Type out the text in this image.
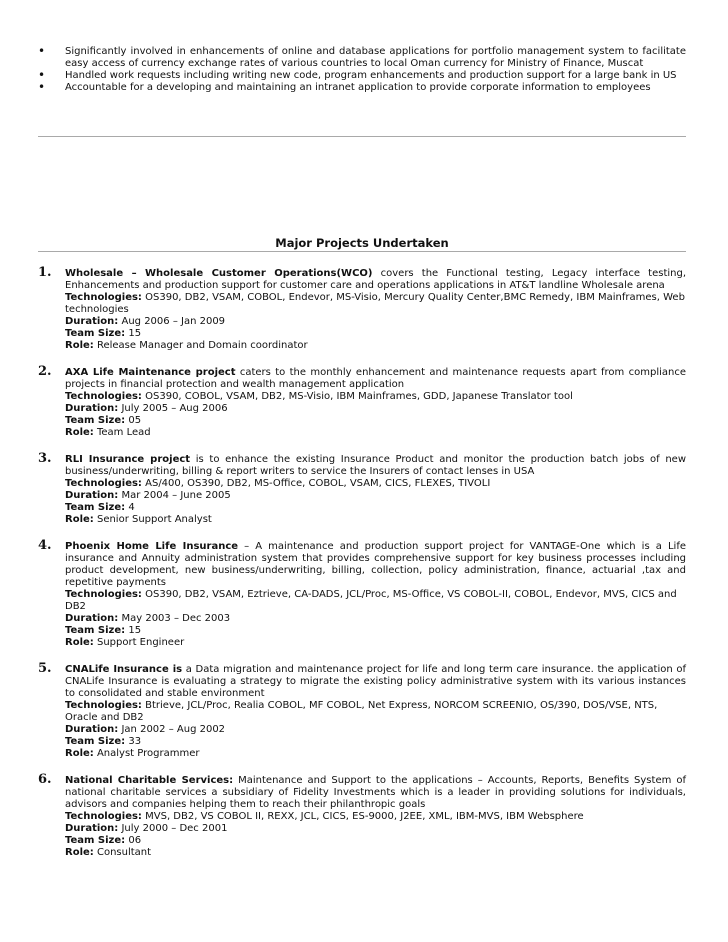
• Significantly involved in enhancements of online and database applications for portfolio management system to facilitate easy access of currency exchange rates of various countries to local Oman currency for Ministry of Finance, Muscat
• Handled work requests including writing new code, program enhancements and production support for a large bank in US
• Accountable for a developing and maintaining an intranet application to provide corporate information to employees
Major Projects Undertaken
1. Wholesale – Wholesale Customer Operations(WCO) covers the Functional testing, Legacy interface testing, Enhancements and production support for customer care and operations applications in AT&T landline Wholesale arena
Technologies: OS390, DB2, VSAM, COBOL, Endevor, MS-Visio, Mercury Quality Center,BMC Remedy, IBM Mainframes, Web technologies
Duration: Aug 2006 – Jan 2009
Team Size: 15
Role: Release Manager and Domain coordinator
2. AXA Life Maintenance project caters to the monthly enhancement and maintenance requests apart from compliance projects in financial protection and wealth management application
Technologies: OS390, COBOL, VSAM, DB2, MS-Visio, IBM Mainframes, GDD, Japanese Translator tool
Duration: July 2005 – Aug 2006
Team Size: 05
Role: Team Lead
3. RLI Insurance project is to enhance the existing Insurance Product and monitor the production batch jobs of new business/underwriting, billing & report writers to service the Insurers of contact lenses in USA
Technologies: AS/400, OS390, DB2, MS-Office, COBOL, VSAM, CICS, FLEXES, TIVOLI
Duration: Mar 2004 – June 2005
Team Size: 4
Role: Senior Support Analyst
4. Phoenix Home Life Insurance – A maintenance and production support project for VANTAGE-One which is a Life insurance and Annuity administration system that provides comprehensive support for key business processes including product development, new business/underwriting, billing, collection, policy administration, finance, actuarial ,tax and repetitive payments
Technologies: OS390, DB2, VSAM, Eztrieve, CA-DADS, JCL/Proc, MS-Office, VS COBOL-II, COBOL, Endevor, MVS, CICS and DB2
Duration: May 2003 – Dec 2003
Team Size: 15
Role: Support Engineer
5. CNALife Insurance is a Data migration and maintenance project for life and long term care insurance. the application of CNALife Insurance is evaluating a strategy to migrate the existing policy administrative system with its various instances to consolidated and stable environment
Technologies: Btrieve, JCL/Proc, Realia COBOL, MF COBOL, Net Express, NORCOM SCREENIO, OS/390, DOS/VSE, NTS, Oracle and DB2
Duration: Jan 2002 – Aug 2002
Team Size: 33
Role: Analyst Programmer
6. National Charitable Services: Maintenance and Support to the applications – Accounts, Reports, Benefits System of national charitable services a subsidiary of Fidelity Investments which is a leader in providing solutions for individuals, advisors and companies helping them to reach their philanthropic goals
Technologies: MVS, DB2, VS COBOL II, REXX, JCL, CICS, ES-9000, J2EE, XML, IBM-MVS, IBM Websphere
Duration: July 2000 – Dec 2001
Team Size: 06
Role: Consultant
